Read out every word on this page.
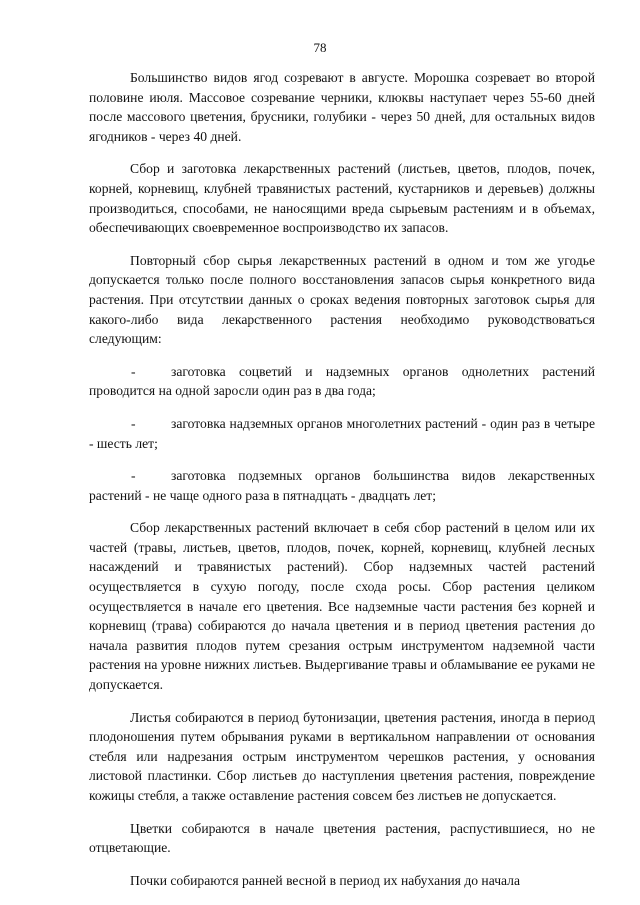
78

Большинство видов ягод созревают в августе. Морошка созревает во второй половине июля. Массовое созревание черники, клюквы наступает через 55-60 дней после массового цветения, брусники, голубики - через 50 дней, для остальных видов ягодников - через 40 дней.

Сбор и заготовка лекарственных растений (листьев, цветов, плодов, почек, корней, корневищ, клубней травянистых растений, кустарников и деревьев) должны производиться, способами, не наносящими вреда сырьевым растениям и в объемах, обеспечивающих своевременное воспроизводство их запасов.

Повторный сбор сырья лекарственных растений в одном и том же угодье допускается только после полного восстановления запасов сырья конкретного вида растения. При отсутствии данных о сроках ведения повторных заготовок сырья для какого-либо вида лекарственного растения необходимо руководствоваться следующим:

-	заготовка соцветий и надземных органов однолетних растений проводится на одной заросли один раз в два года;
-	заготовка надземных органов многолетних растений - один раз в четыре - шесть лет;
-	заготовка подземных органов большинства видов лекарственных растений - не чаще одного раза в пятнадцать - двадцать лет;

Сбор лекарственных растений включает в себя сбор растений в целом или их частей (травы, листьев, цветов, плодов, почек, корней, корневищ, клубней лесных насаждений и травянистых растений). Сбор надземных частей растений осуществляется в сухую погоду, после схода росы. Сбор растения целиком осуществляется в начале его цветения. Все надземные части растения без корней и корневищ (трава) собираются до начала цветения и в период цветения растения до начала развития плодов путем срезания острым инструментом надземной части растения на уровне нижних листьев. Выдергивание травы и обламывание ее руками не допускается.

Листья собираются в период бутонизации, цветения растения, иногда в период плодоношения путем обрывания руками в вертикальном направлении от основания стебля или надрезания острым инструментом черешков растения, у основания листовой пластинки. Сбор листьев до наступления цветения растения, повреждение кожицы стебля, а также оставление растения совсем без листьев не допускается.

Цветки собираются в начале цветения растения, распустившиеся, но не отцветающие.

Почки собираются ранней весной в период их набухания до начала
